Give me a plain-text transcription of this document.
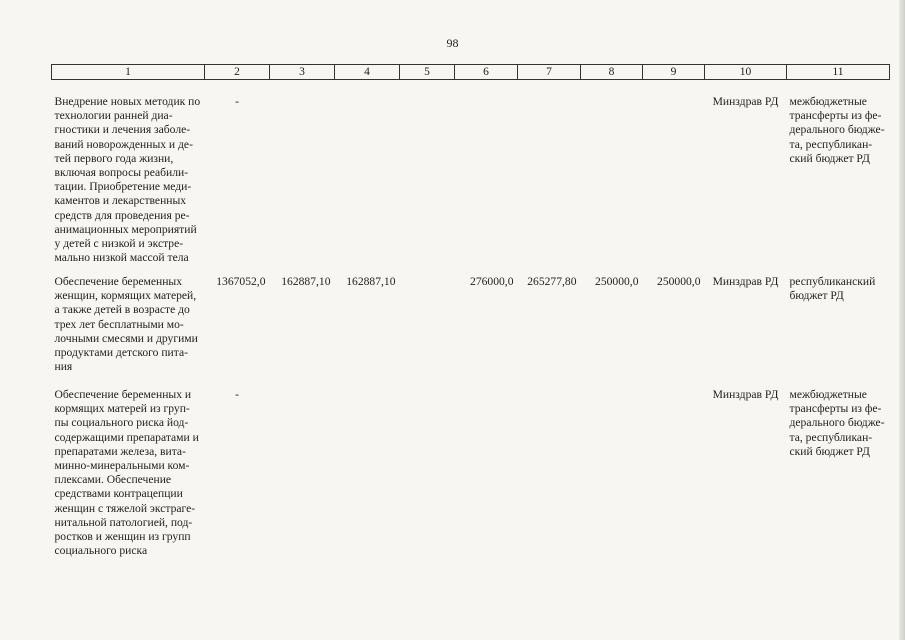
98
1	2	3	4	5	6	7	8	9	10	11
Внедрение новых методик по технологии ранней диа-гностики и лечения заболе-ваний новорожденных и де-тей первого года жизни, включая вопросы реабили-тации. Приобретение меди-каментов и лекарственных средств для проведения ре-анимационных мероприятий у детей с низкой и экстре-мально низкой массой тела	-								Минздрав РД	межбюджетные трансферты из фе-дерального бюдже-та, республикан-ский бюджет РД
Обеспечение беременных женщин, кормящих матерей, а также детей в возрасте до трех лет бесплатными мо-лочными смесями и другими продуктами детского пита-ния	1367052,0	162887,10	162887,10		276000,0	265277,80	250000,0	250000,0	Минздрав РД	республиканский бюджет РД
Обеспечение беременных и кормящих матерей из груп-пы социального риска йод-содержащими препаратами и препаратами железа, вита-минно-минеральными ком-плексами. Обеспечение средствами контрацепции женщин с тяжелой экстраге-нитальной патологией, под-ростков и женщин из групп социального риска	-								Минздрав РД	межбюджетные трансферты из фе-дерального бюдже-та, республикан-ский бюджет РД
